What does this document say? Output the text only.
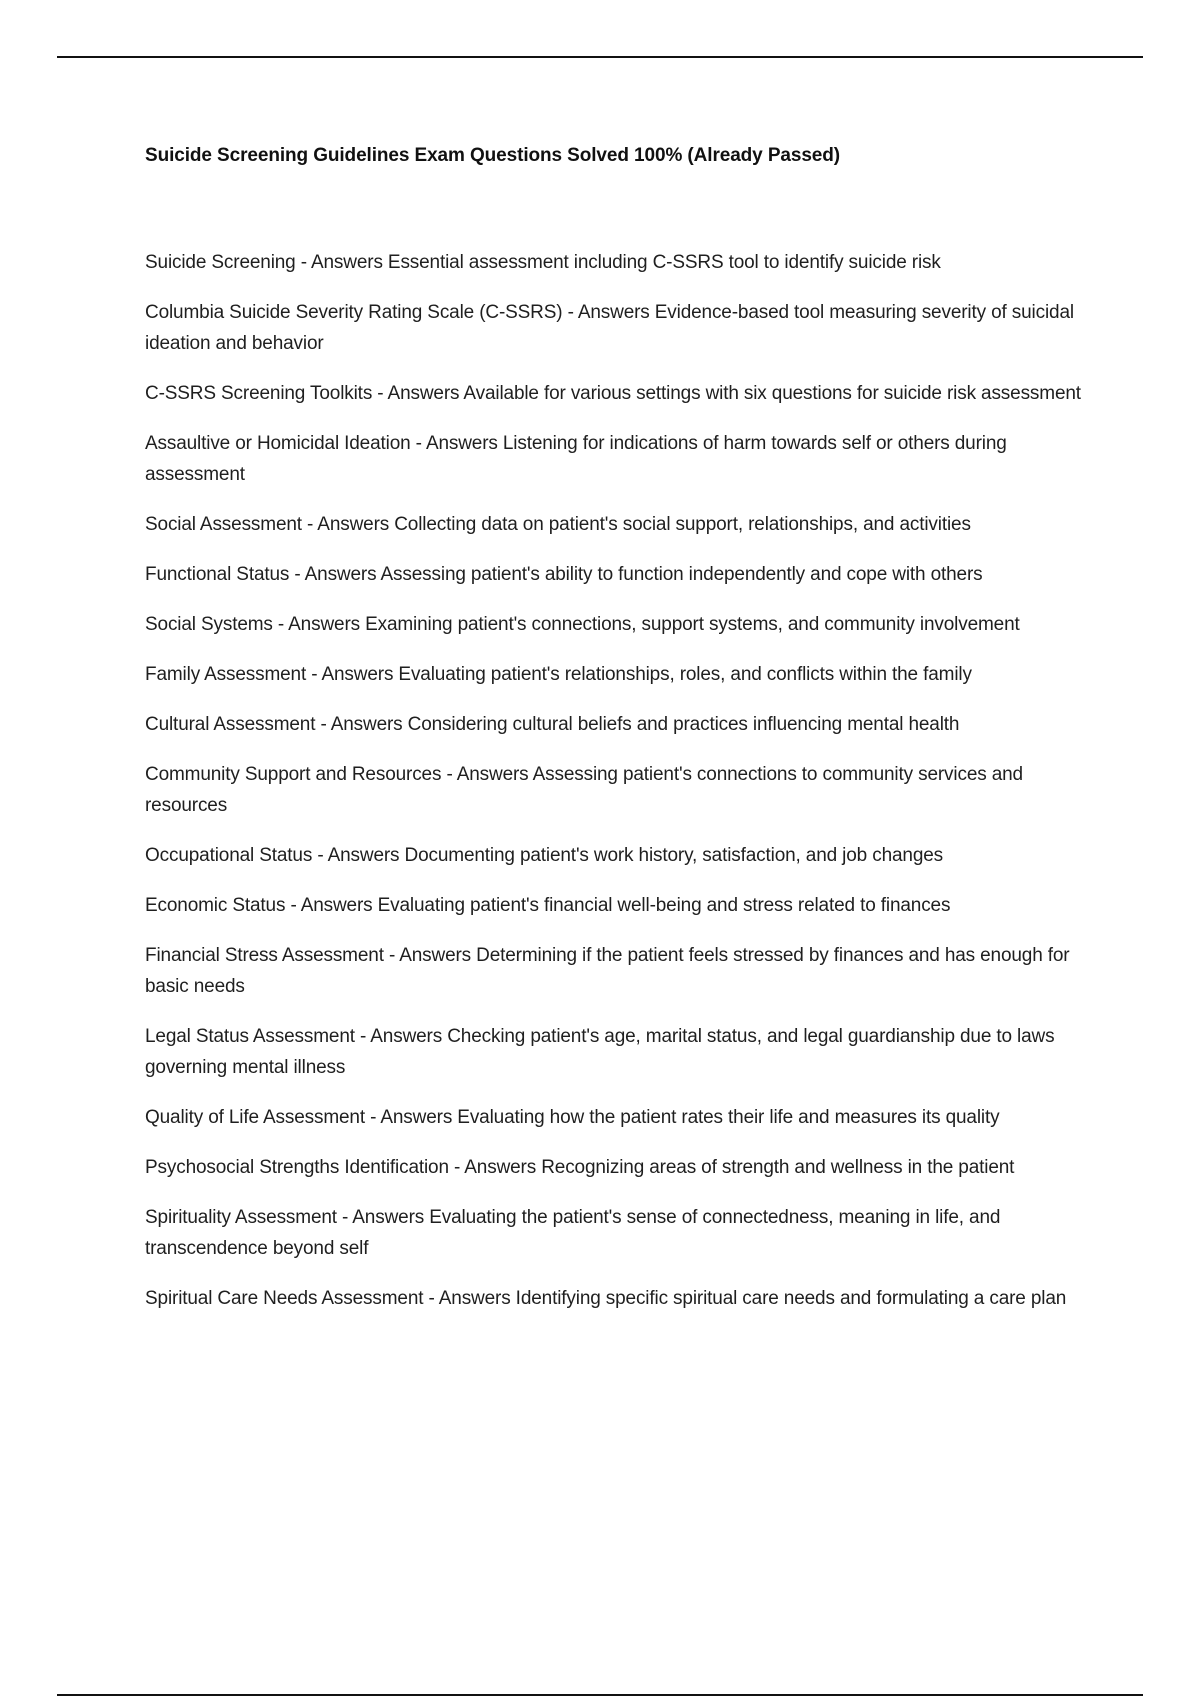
Suicide Screening Guidelines Exam Questions Solved 100% (Already Passed)
Suicide Screening - Answers Essential assessment including C-SSRS tool to identify suicide risk
Columbia Suicide Severity Rating Scale (C-SSRS) - Answers Evidence-based tool measuring severity of suicidal ideation and behavior
C-SSRS Screening Toolkits - Answers Available for various settings with six questions for suicide risk assessment
Assaultive or Homicidal Ideation - Answers Listening for indications of harm towards self or others during assessment
Social Assessment - Answers Collecting data on patient's social support, relationships, and activities
Functional Status - Answers Assessing patient's ability to function independently and cope with others
Social Systems - Answers Examining patient's connections, support systems, and community involvement
Family Assessment - Answers Evaluating patient's relationships, roles, and conflicts within the family
Cultural Assessment - Answers Considering cultural beliefs and practices influencing mental health
Community Support and Resources - Answers Assessing patient's connections to community services and resources
Occupational Status - Answers Documenting patient's work history, satisfaction, and job changes
Economic Status - Answers Evaluating patient's financial well-being and stress related to finances
Financial Stress Assessment - Answers Determining if the patient feels stressed by finances and has enough for basic needs
Legal Status Assessment - Answers Checking patient's age, marital status, and legal guardianship due to laws governing mental illness
Quality of Life Assessment - Answers Evaluating how the patient rates their life and measures its quality
Psychosocial Strengths Identification - Answers Recognizing areas of strength and wellness in the patient
Spirituality Assessment - Answers Evaluating the patient's sense of connectedness, meaning in life, and transcendence beyond self
Spiritual Care Needs Assessment - Answers Identifying specific spiritual care needs and formulating a care plan
